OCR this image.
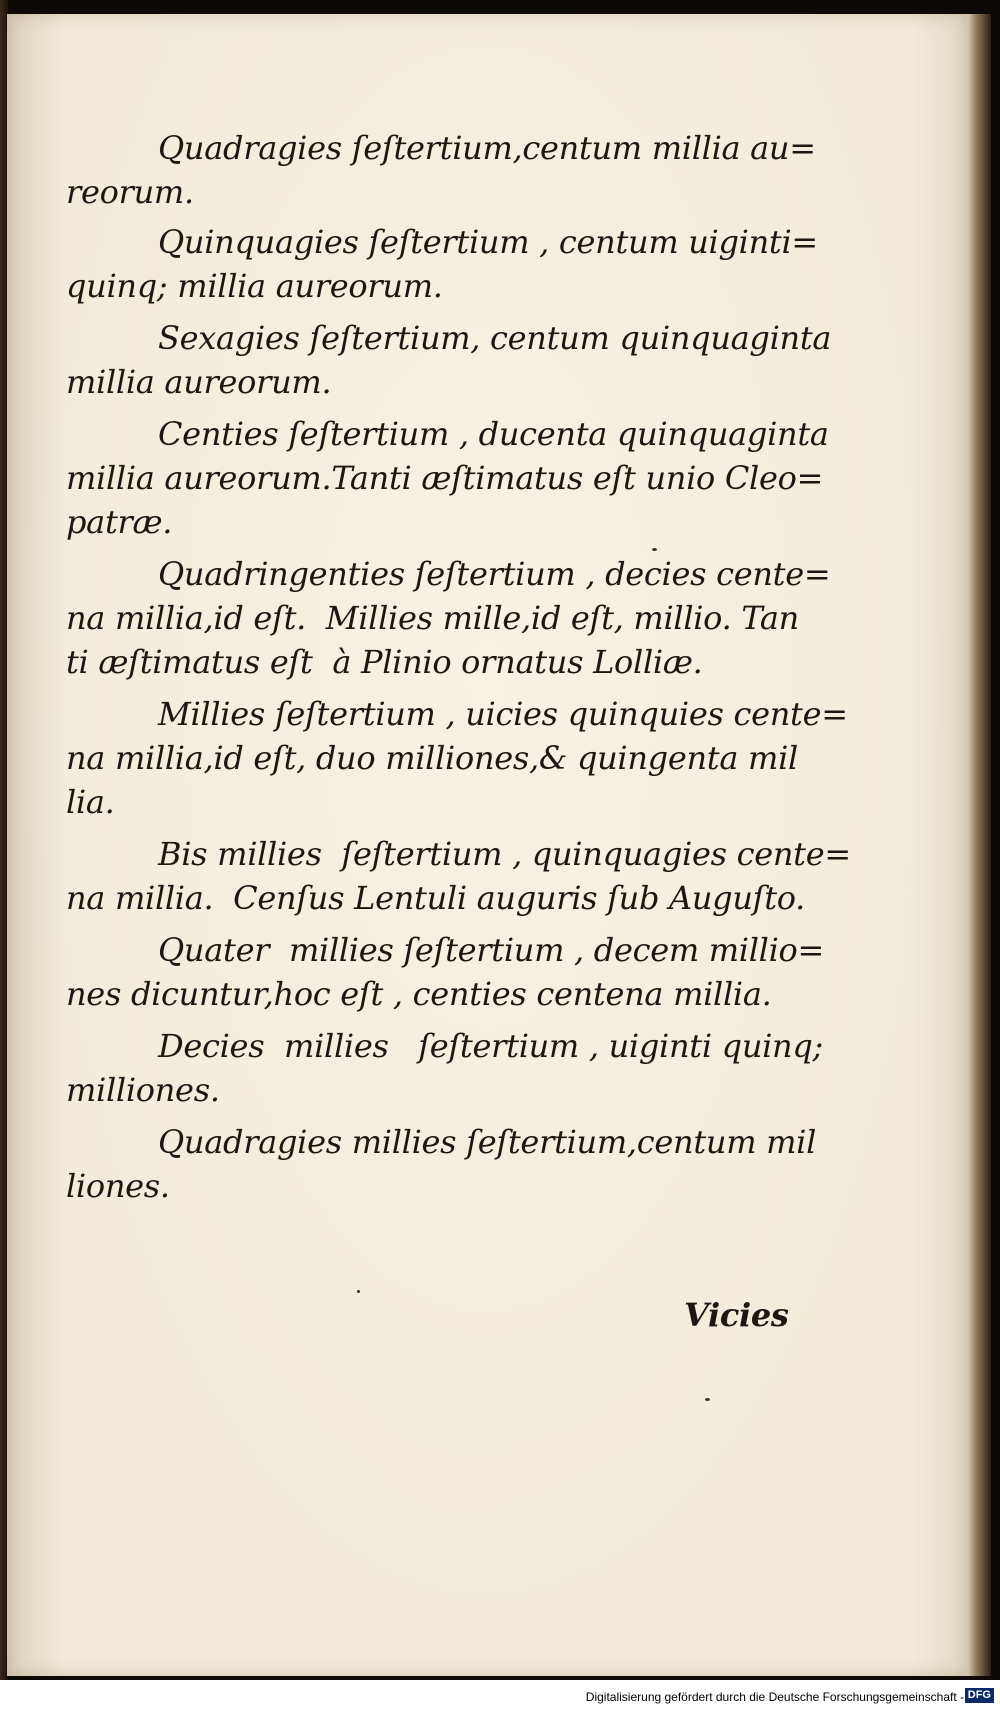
Quadragies ſeſtertium,centum millia au=
reorum.
Quinquagies ſeſtertium , centum uiginti=
quinq; millia aureorum.
Sexagies ſeſtertium, centum quinquaginta
millia aureorum.
Centies ſeſtertium , ducenta quinquaginta
millia aureorum.Tanti æſtimatus eſt unio Cleo=
patræ.
Quadringenties ſeſtertium , decies cente=
na millia,id eſt.  Millies mille,id eſt, millio. Tan
ti æſtimatus eſt  à Plinio ornatus Lolliæ.
Millies ſeſtertium , uicies quinquies cente=
na millia,id eſt, duo milliones,& quingenta mil
lia.
Bis millies  ſeſtertium , quinquagies cente=
na millia.  Cenſus Lentuli auguris ſub Auguſto.
Quater  millies ſeſtertium , decem millio=
nes dicuntur,hoc eſt , centies centena millia.
Decies  millies   ſeſtertium , uiginti quinq;
milliones.
Quadragies millies ſeſtertium,centum mil
liones.
Vicies
Digitalisierung gefördert durch die Deutsche Forschungsgemeinschaft - DFG
